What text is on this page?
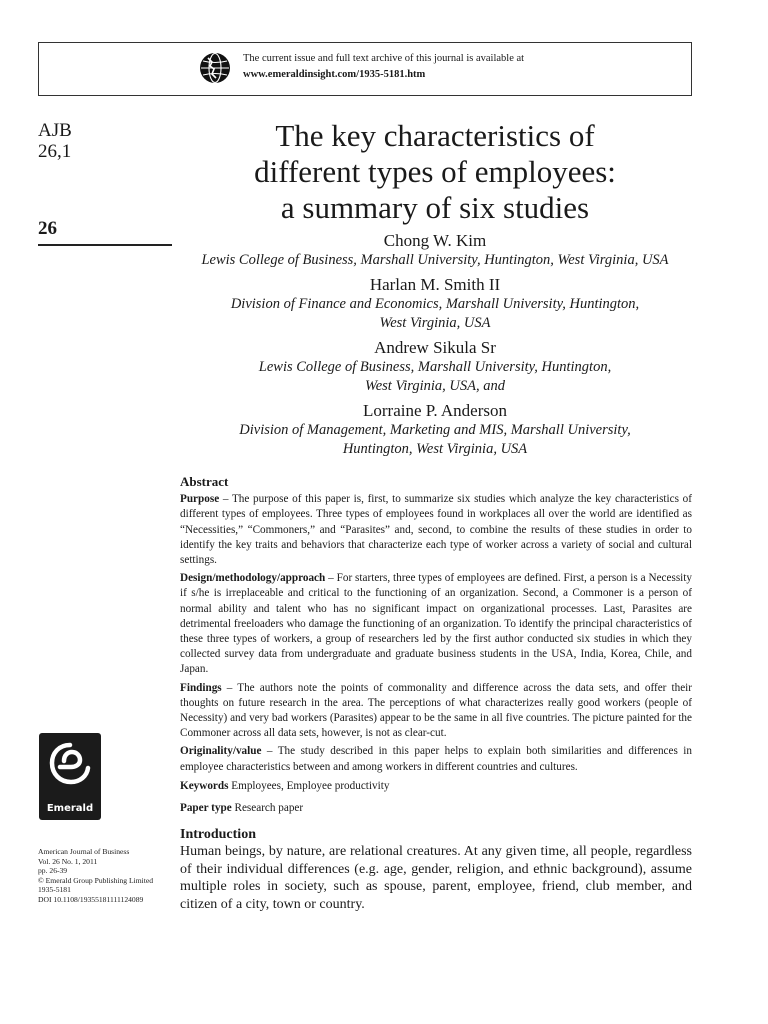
The current issue and full text archive of this journal is available at
www.emeraldinsight.com/1935-5181.htm
AJB
26,1
26
The key characteristics of
different types of employees:
a summary of six studies
Chong W. Kim
Lewis College of Business, Marshall University, Huntington, West Virginia, USA
Harlan M. Smith II
Division of Finance and Economics, Marshall University, Huntington,
West Virginia, USA
Andrew Sikula Sr
Lewis College of Business, Marshall University, Huntington,
West Virginia, USA, and
Lorraine P. Anderson
Division of Management, Marketing and MIS, Marshall University,
Huntington, West Virginia, USA
Abstract
Purpose – The purpose of this paper is, first, to summarize six studies which analyze the key characteristics of different types of employees. Three types of employees found in workplaces all over the world are identified as “Necessities,” “Commoners,” and “Parasites” and, second, to combine the results of these studies in order to identify the key traits and behaviors that characterize each type of worker across a variety of social and cultural settings.
Design/methodology/approach – For starters, three types of employees are defined. First, a person is a Necessity if s/he is irreplaceable and critical to the functioning of an organization. Second, a Commoner is a person of normal ability and talent who has no significant impact on organizational processes. Last, Parasites are detrimental freeloaders who damage the functioning of an organization. To identify the principal characteristics of these three types of workers, a group of researchers led by the first author conducted six studies in which they collected survey data from undergraduate and graduate business students in the USA, India, Korea, Chile, and Japan.
Findings – The authors note the points of commonality and difference across the data sets, and offer their thoughts on future research in the area. The perceptions of what characterizes really good workers (people of Necessity) and very bad workers (Parasites) appear to be the same in all five countries. The picture painted for the Commoner across all data sets, however, is not as clear-cut.
Originality/value – The study described in this paper helps to explain both similarities and differences in employee characteristics between and among workers in different countries and cultures.
Keywords Employees, Employee productivity
Paper type Research paper
Emerald
American Journal of Business
Vol. 26 No. 1, 2011
pp. 26-39
© Emerald Group Publishing Limited
1935-5181
DOI 10.1108/19355181111124089
Introduction
Human beings, by nature, are relational creatures. At any given time, all people, regardless of their individual differences (e.g. age, gender, religion, and ethnic background), assume multiple roles in society, such as spouse, parent, employee, friend, club member, and citizen of a city, town or country.
